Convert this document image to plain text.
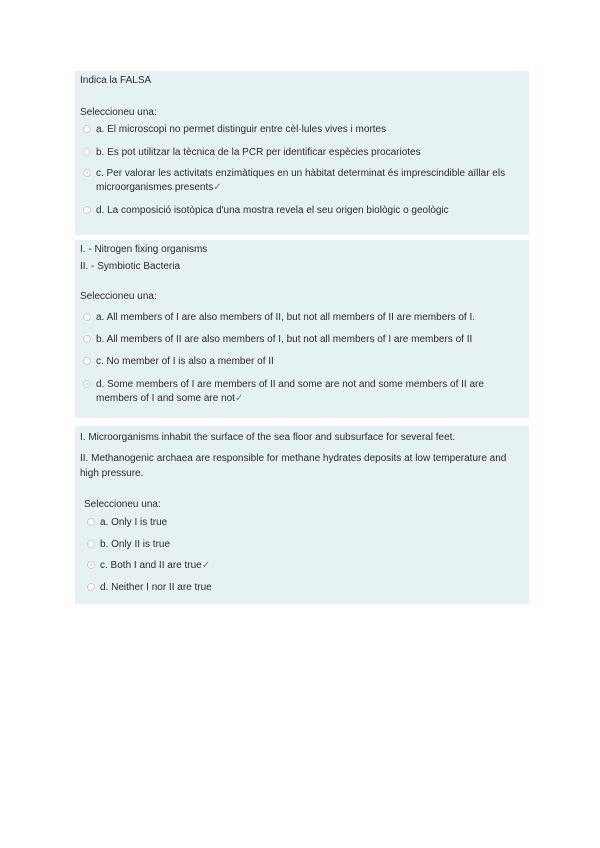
Indica la FALSA
Seleccioneu una:
a. El microscopi no permet distinguir entre cèl·lules vives i mortes
b. Es pot utilitzar la tècnica de la PCR per identificar espècies procariotes
c. Per valorar les activitats enzimàtiques en un hàbitat determinat és imprescindible aïllar els microorganismes presents✓
d. La composició isotòpica d'una mostra revela el seu origen biològic o geològic
I. - Nitrogen fixing organisms
II. - Symbiotic Bacteria
Seleccioneu una:
a. All members of I are also members of II, but not all members of II are members of I.
b. All members of II are also members of I, but not all members of I are members of II
c. No member of I is also a member of II
d. Some members of I are members of II and some are not and some members of II are members of I and some are not✓
I. Microorganisms inhabit the surface of the sea floor and subsurface for several feet.
II. Methanogenic archaea are responsible for methane hydrates deposits at low temperature and
high pressure.
Seleccioneu una:
a. Only I is true
b. Only II is true
c. Both I and II are true✓
d. Neither I nor II are true
